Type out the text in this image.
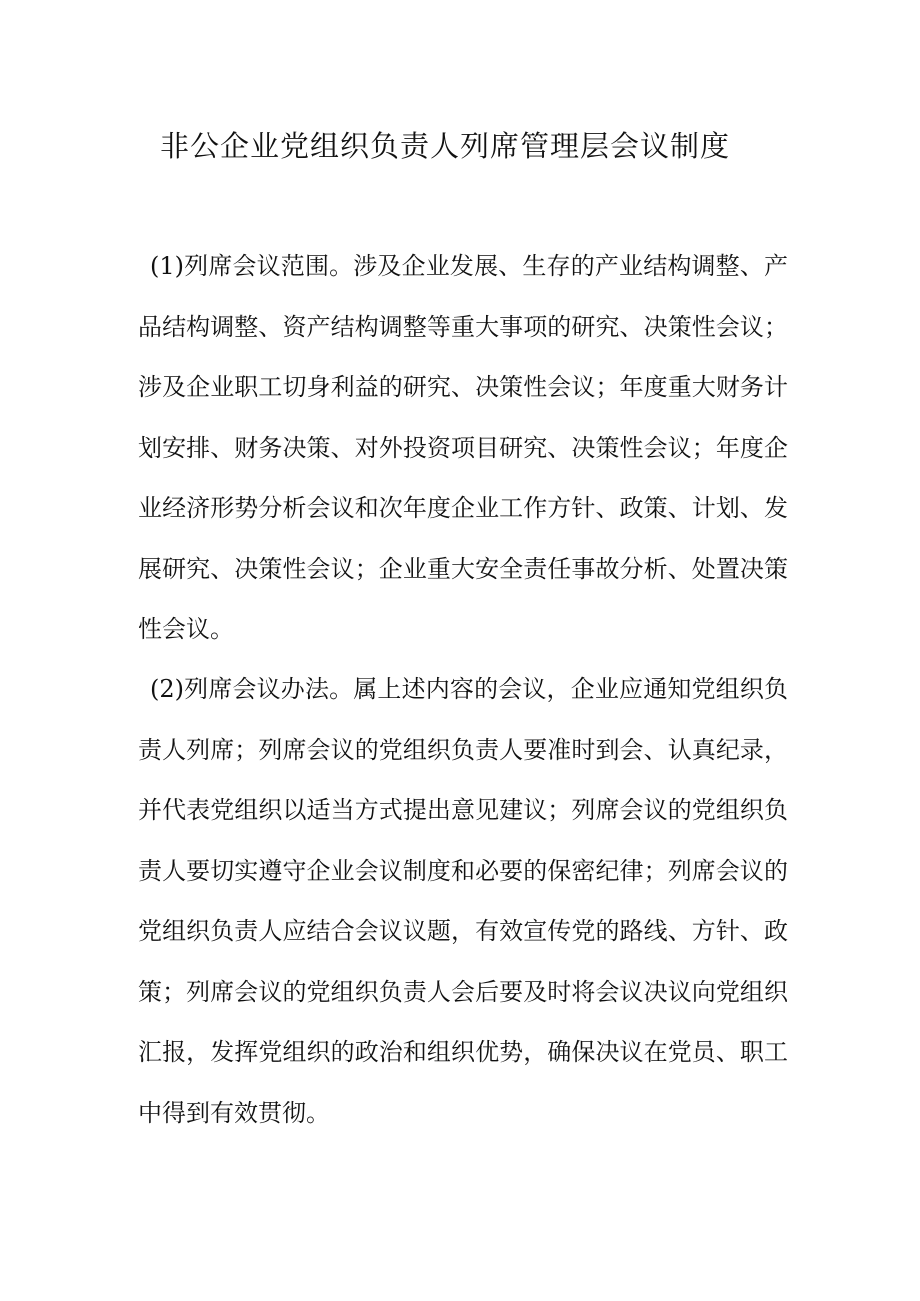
非公企业党组织负责人列席管理层会议制度

(1)列席会议范围。涉及企业发展、生存的产业结构调整、产品结构调整、资产结构调整等重大事项的研究、决策性会议；涉及企业职工切身利益的研究、决策性会议；年度重大财务计划安排、财务决策、对外投资项目研究、决策性会议；年度企业经济形势分析会议和次年度企业工作方针、政策、计划、发展研究、决策性会议；企业重大安全责任事故分析、处置决策性会议。

(2)列席会议办法。属上述内容的会议，企业应通知党组织负责人列席；列席会议的党组织负责人要准时到会、认真纪录，并代表党组织以适当方式提出意见建议；列席会议的党组织负责人要切实遵守企业会议制度和必要的保密纪律；列席会议的党组织负责人应结合会议议题，有效宣传党的路线、方针、政策；列席会议的党组织负责人会后要及时将会议决议向党组织汇报，发挥党组织的政治和组织优势，确保决议在党员、职工中得到有效贯彻。
